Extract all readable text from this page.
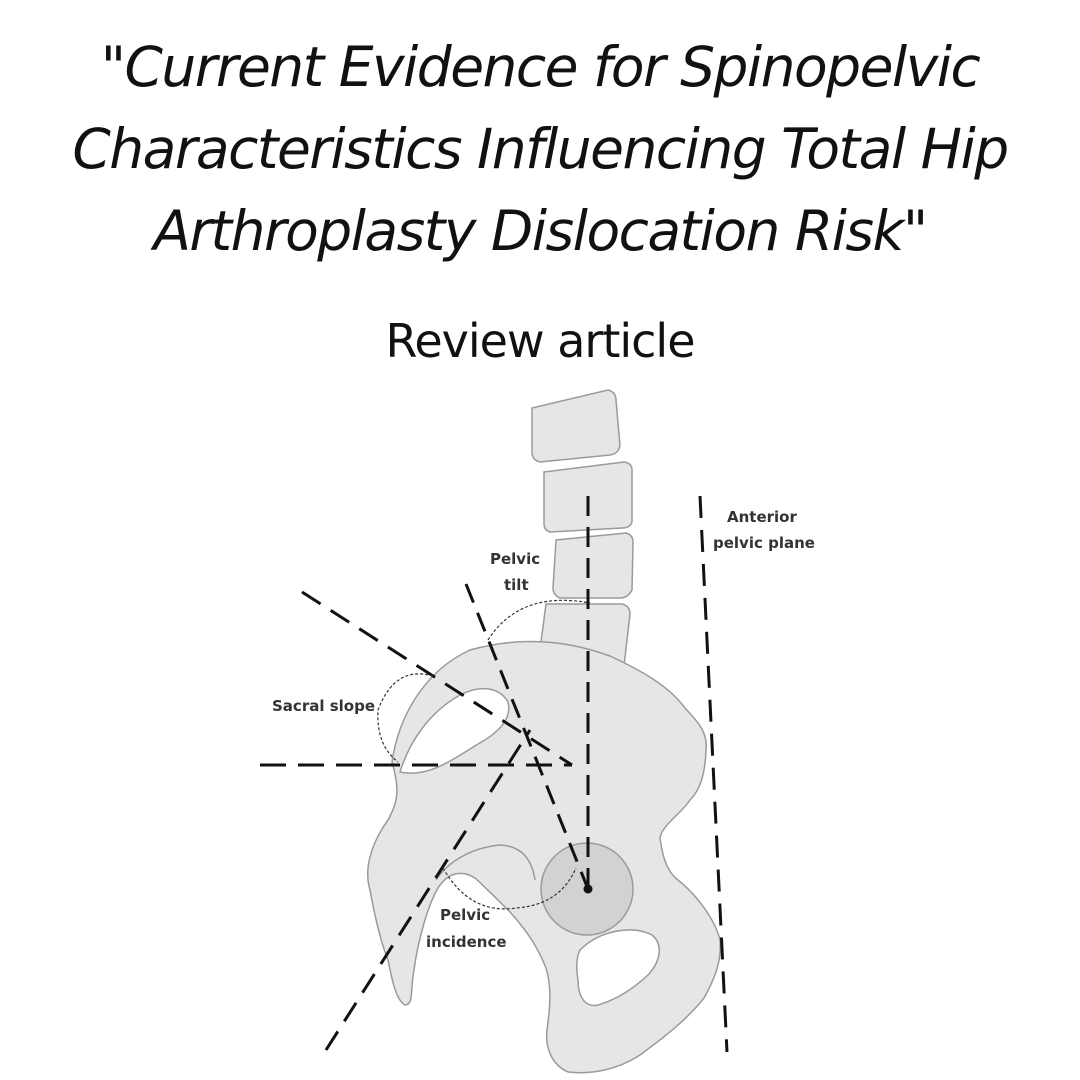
"Current Evidence for Spinopelvic Characteristics Influencing Total Hip Arthroplasty Dislocation Risk"
Review article
Anterior
pelvic plane
Pelvic
tilt
Sacral slope
Pelvic
incidence
